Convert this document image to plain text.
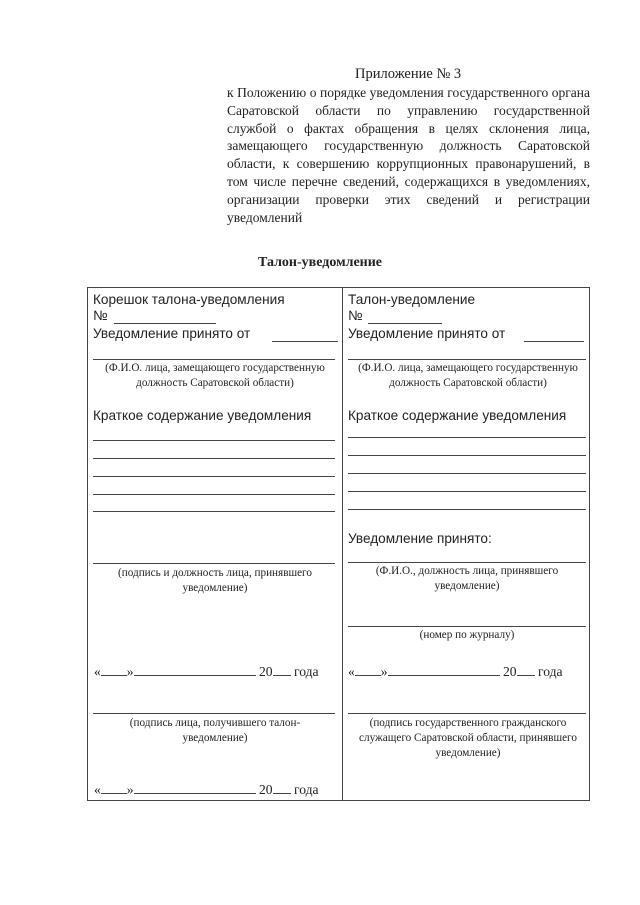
Приложение № 3
к Положению о порядке уведомления государственного органа Саратовской области по управлению государственной службой о фактах обращения в целях склонения лица, замещающего государственную должность Саратовской области, к совершению коррупционных правонарушений, в том числе перечне сведений, содержащихся в уведомлениях, организации проверки этих сведений и регистрации уведомлений
Талон-уведомление
Корешок талона-уведомления
№
Уведомление принято от
(Ф.И.О. лица, замещающего государственную должность Саратовской области)
Краткое содержание уведомления
(подпись и должность лица, принявшего уведомление)
« »	20 года
(подпись лица, получившего талон-уведомление)
« »	20 года
Талон-уведомление
№
Уведомление принято от
(Ф.И.О. лица, замещающего государственную должность Саратовской области)
Краткое содержание уведомления
Уведомление принято:
(Ф.И.О., должность лица, принявшего уведомление)
(номер по журналу)
« »	20 года
(подпись государственного гражданского служащего Саратовской области, принявшего уведомление)
